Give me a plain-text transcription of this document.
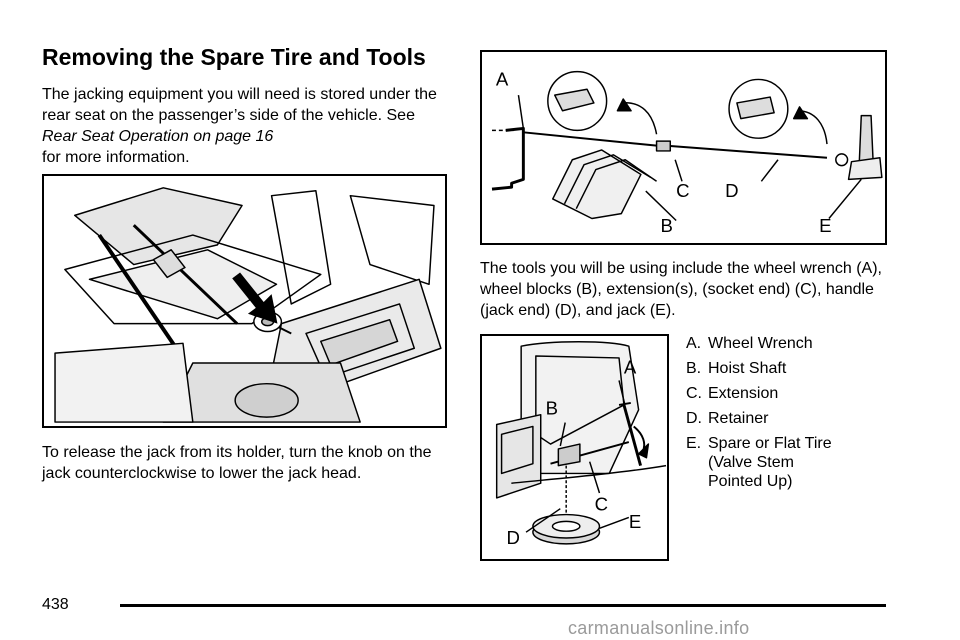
Removing the Spare Tire and Tools

The jacking equipment you will need is stored under the rear seat on the passenger’s side of the vehicle. See Rear Seat Operation on page 16
for more information.

To release the jack from its holder, turn the knob on the jack counterclockwise to lower the jack head.

A
B
C D
E

The tools you will be using include the wheel wrench (A), wheel blocks (B), extension(s), (socket end) (C), handle (jack end) (D), and jack (E).

A
B
C
D
E
A. Wheel Wrench
B. Hoist Shaft
C. Extension
D. Retainer
E. Spare or Flat Tire
(Valve Stem
Pointed Up)
438
carmanualsonline.info
